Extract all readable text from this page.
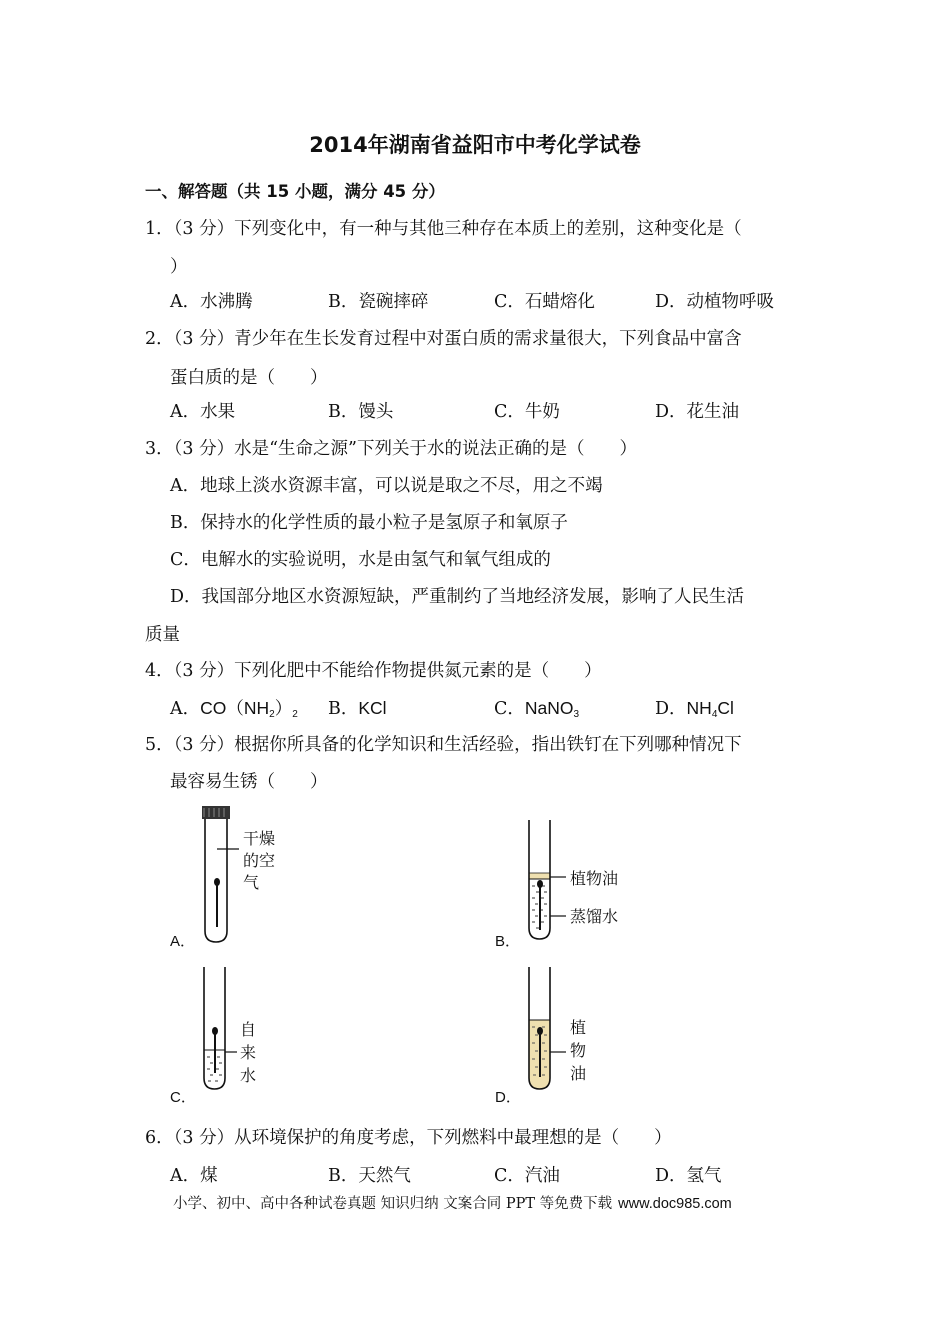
2014年湖南省益阳市中考化学试卷
一、解答题（共 15 小题，满分 45 分）
1．（3 分）下列变化中，有一种与其他三种存在本质上的差别，这种变化是（
）
A．水沸腾	B．瓷碗摔碎	C．石蜡熔化	D．动植物呼吸
2．（3 分）青少年在生长发育过程中对蛋白质的需求量很大，下列食品中富含
蛋白质的是（　　）
A．水果	B．馒头	C．牛奶	D．花生油
3．（3 分）水是“生命之源”下列关于水的说法正确的是（　　）
A．地球上淡水资源丰富，可以说是取之不尽，用之不竭
B．保持水的化学性质的最小粒子是氢原子和氧原子
C．电解水的实验说明，水是由氢气和氧气组成的
D．我国部分地区水资源短缺，严重制约了当地经济发展，影响了人民生活
质量
4．（3 分）下列化肥中不能给作物提供氮元素的是（　　）
A．$CO(NH_2)_2$ B．KCl	C．NaNO$_3$	D．$NH_4Cl$
5．（3 分）根据你所具备的化学知识和生活经验，指出铁钉在下列哪种情况下
最容易生锈（　　）
A．
干燥
的空
气
B．
植物油
蒸馏水
C．
自
来
水
D．
植
物
油
6．（3 分）从环境保护的角度考虑，下列燃料中最理想的是（　　）
A．煤	B．天然气	C．汽油	D．氢气
小学、初中、高中各种试卷真题 知识归纳 文案合同 PPT 等免费下载 www.doc985.com
